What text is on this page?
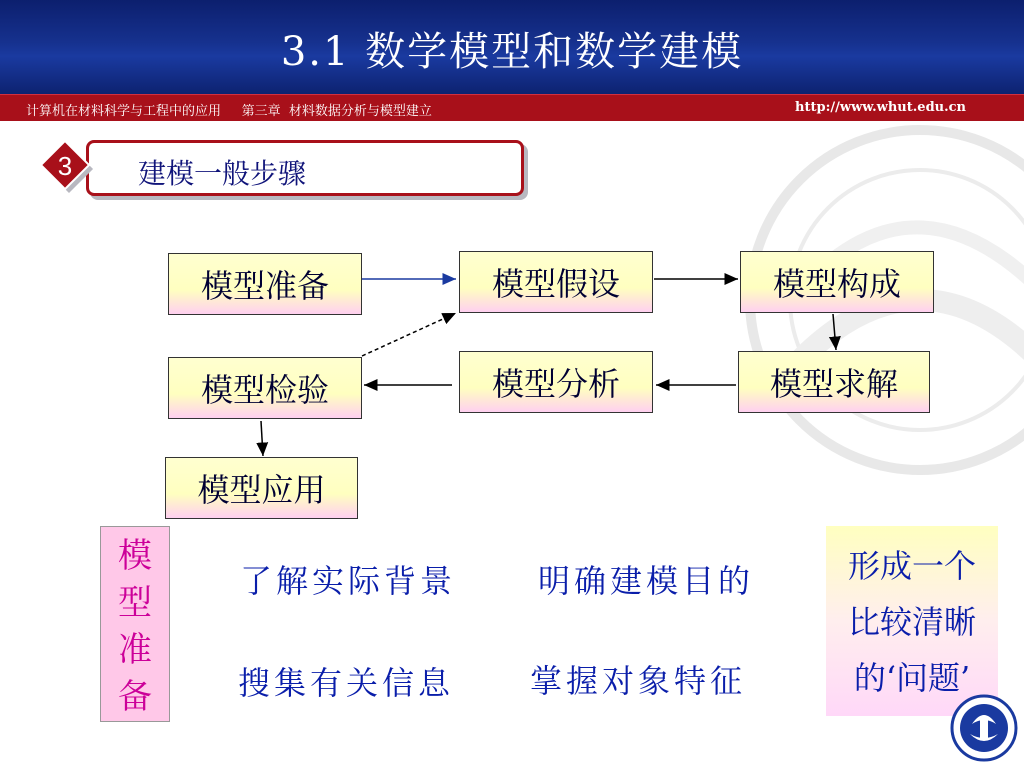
3.1 数学模型和数学建模
计算机在材料科学与工程中的应用     第三章  材料数据分析与模型建立	http://www.whut.edu.cn
3 建模一般步骤
模型准备	模型假设	模型构成
模型检验	模型分析	模型求解
模型应用
模
型
准
备
了解实际背景	明确建模目的
搜集有关信息 掌握对象特征
形成一个
比较清晰
的‘问题’
